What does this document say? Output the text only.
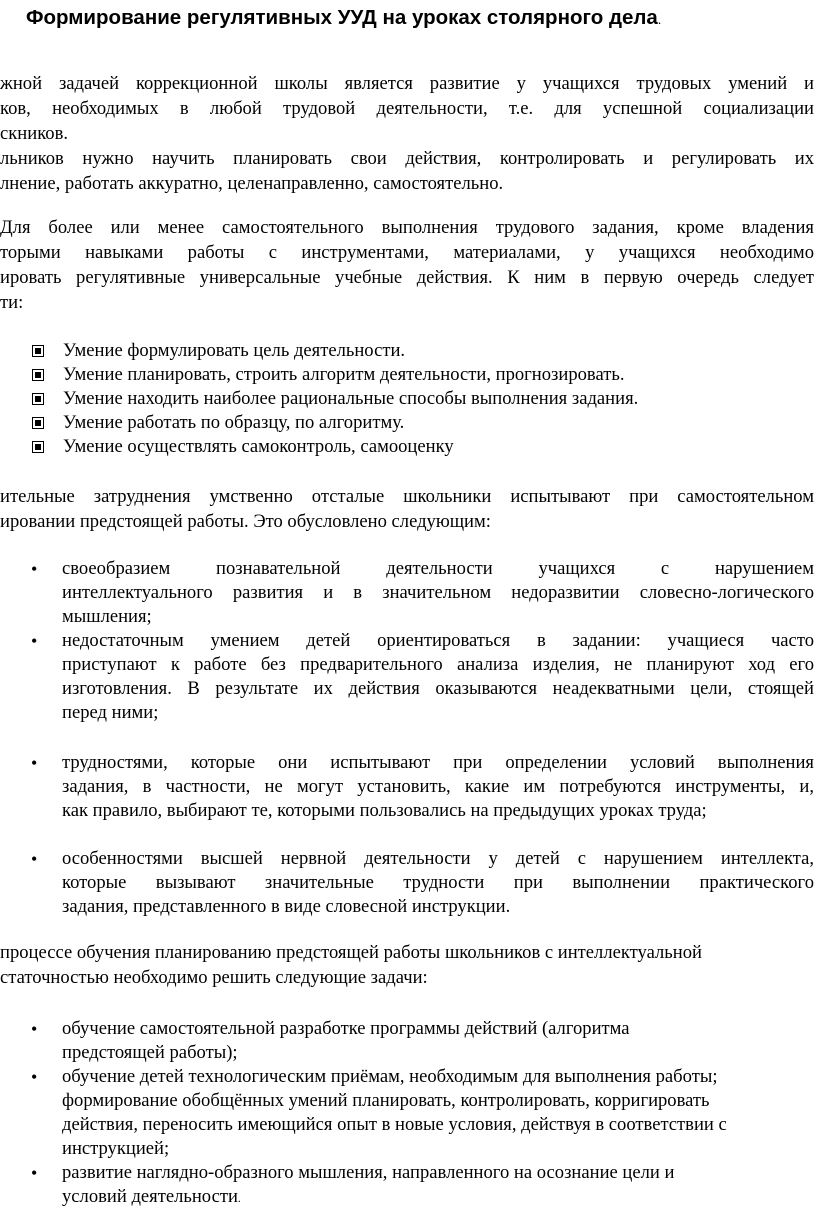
Формирование регулятивных УУД на уроках столярного дела.
жной задачей коррекционной школы является развитие у учащихся трудовых умений и
ков, необходимых в любой трудовой деятельности, т.е. для успешной социализации
скников.
льников нужно научить планировать свои действия, контролировать и регулировать их
лнение, работать аккуратно, целенаправленно, самостоятельно.
Для более или менее самостоятельного выполнения трудового задания, кроме владения
торыми навыками работы с инструментами, материалами, у учащихся необходимо
ировать регулятивные универсальные учебные действия. К ним в первую очередь следует
ти:
Умение формулировать цель деятельности.
Умение планировать, строить алгоритм деятельности, прогнозировать.
Умение находить наиболее рациональные способы выполнения задания.
Умение работать по образцу, по алгоритму.
Умение осуществлять самоконтроль, самооценку
ительные затруднения умственно отсталые школьники испытывают при самостоятельном
ировании предстоящей работы. Это обусловлено следующим:
• своеобразием познавательной деятельности учащихся с нарушением
интеллектуального развития и в значительном недоразвитии словесно-логического
мышления;
• недостаточным умением детей ориентироваться в задании: учащиеся часто
приступают к работе без предварительного анализа изделия, не планируют ход его
изготовления. В результате их действия оказываются неадекватными цели, стоящей
перед ними;
• трудностями, которые они испытывают при определении условий выполнения
задания, в частности, не могут установить, какие им потребуются инструменты, и,
как правило, выбирают те, которыми пользовались на предыдущих уроках труда;
• особенностями высшей нервной деятельности у детей с нарушением интеллекта,
которые вызывают значительные трудности при выполнении практического
задания, представленного в виде словесной инструкции.
процессе обучения планированию предстоящей работы школьников с интеллектуальной
статочностью необходимо решить следующие задачи:
• обучение самостоятельной разработке программы действий (алгоритма
предстоящей работы);
• обучение детей технологическим приёмам, необходимым для выполнения работы;
формирование обобщённых умений планировать, контролировать, корригировать
действия, переносить имеющийся опыт в новые условия, действуя в соответствии с
инструкцией;
• развитие наглядно-образного мышления, направленного на осознание цели и
условий деятельности.
